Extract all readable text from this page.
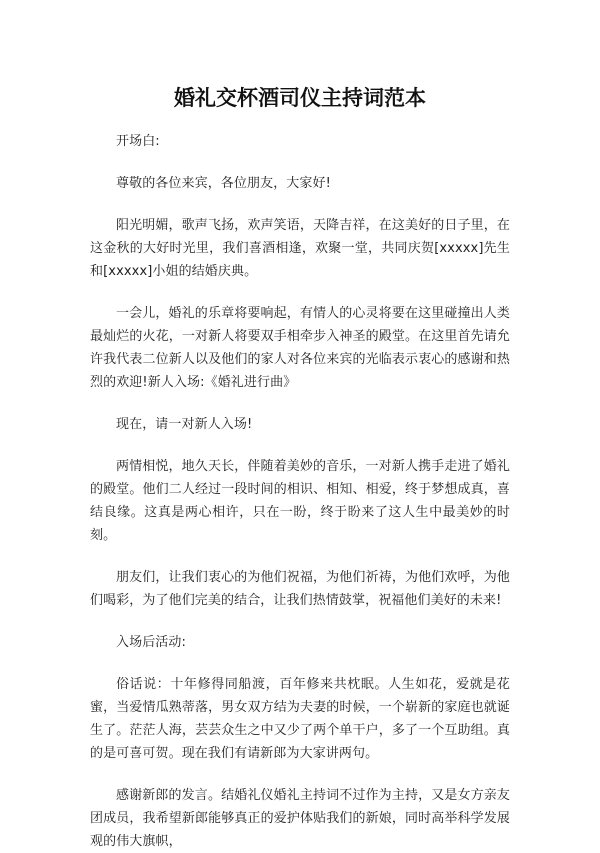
婚礼交杯酒司仪主持词范本
开场白:
尊敬的各位来宾，各位朋友，大家好!
阳光明媚，歌声飞扬，欢声笑语，天降吉祥，在这美好的日子里，在这金秋的大好时光里，我们喜酒相逢，欢聚一堂，共同庆贺[xxxxx]先生和[xxxxx]小姐的结婚庆典。
一会儿，婚礼的乐章将要响起，有情人的心灵将要在这里碰撞出人类最灿烂的火花，一对新人将要双手相牵步入神圣的殿堂。在这里首先请允许我代表二位新人以及他们的家人对各位来宾的光临表示衷心的感谢和热烈的欢迎!新人入场:《婚礼进行曲》
现在，请一对新人入场!
两情相悦，地久天长，伴随着美妙的音乐，一对新人携手走进了婚礼的殿堂。他们二人经过一段时间的相识、相知、相爱，终于梦想成真，喜结良缘。这真是两心相许，只在一盼，终于盼来了这人生中最美妙的时刻。
朋友们，让我们衷心的为他们祝福，为他们祈祷，为他们欢呼，为他们喝彩，为了他们完美的结合，让我们热情鼓掌，祝福他们美好的未来!
入场后活动:
俗话说：十年修得同船渡，百年修来共枕眠。人生如花，爱就是花蜜，当爱情瓜熟蒂落，男女双方结为夫妻的时候，一个崭新的家庭也就诞生了。茫茫人海，芸芸众生之中又少了两个单干户，多了一个互助组。真的是可喜可贺。现在我们有请新郎为大家讲两句。
感谢新郎的发言。结婚礼仪婚礼主持词不过作为主持，又是女方亲友团成员，我希望新郎能够真正的爱护体贴我们的新娘，同时高举科学发展观的伟大旗帜，
